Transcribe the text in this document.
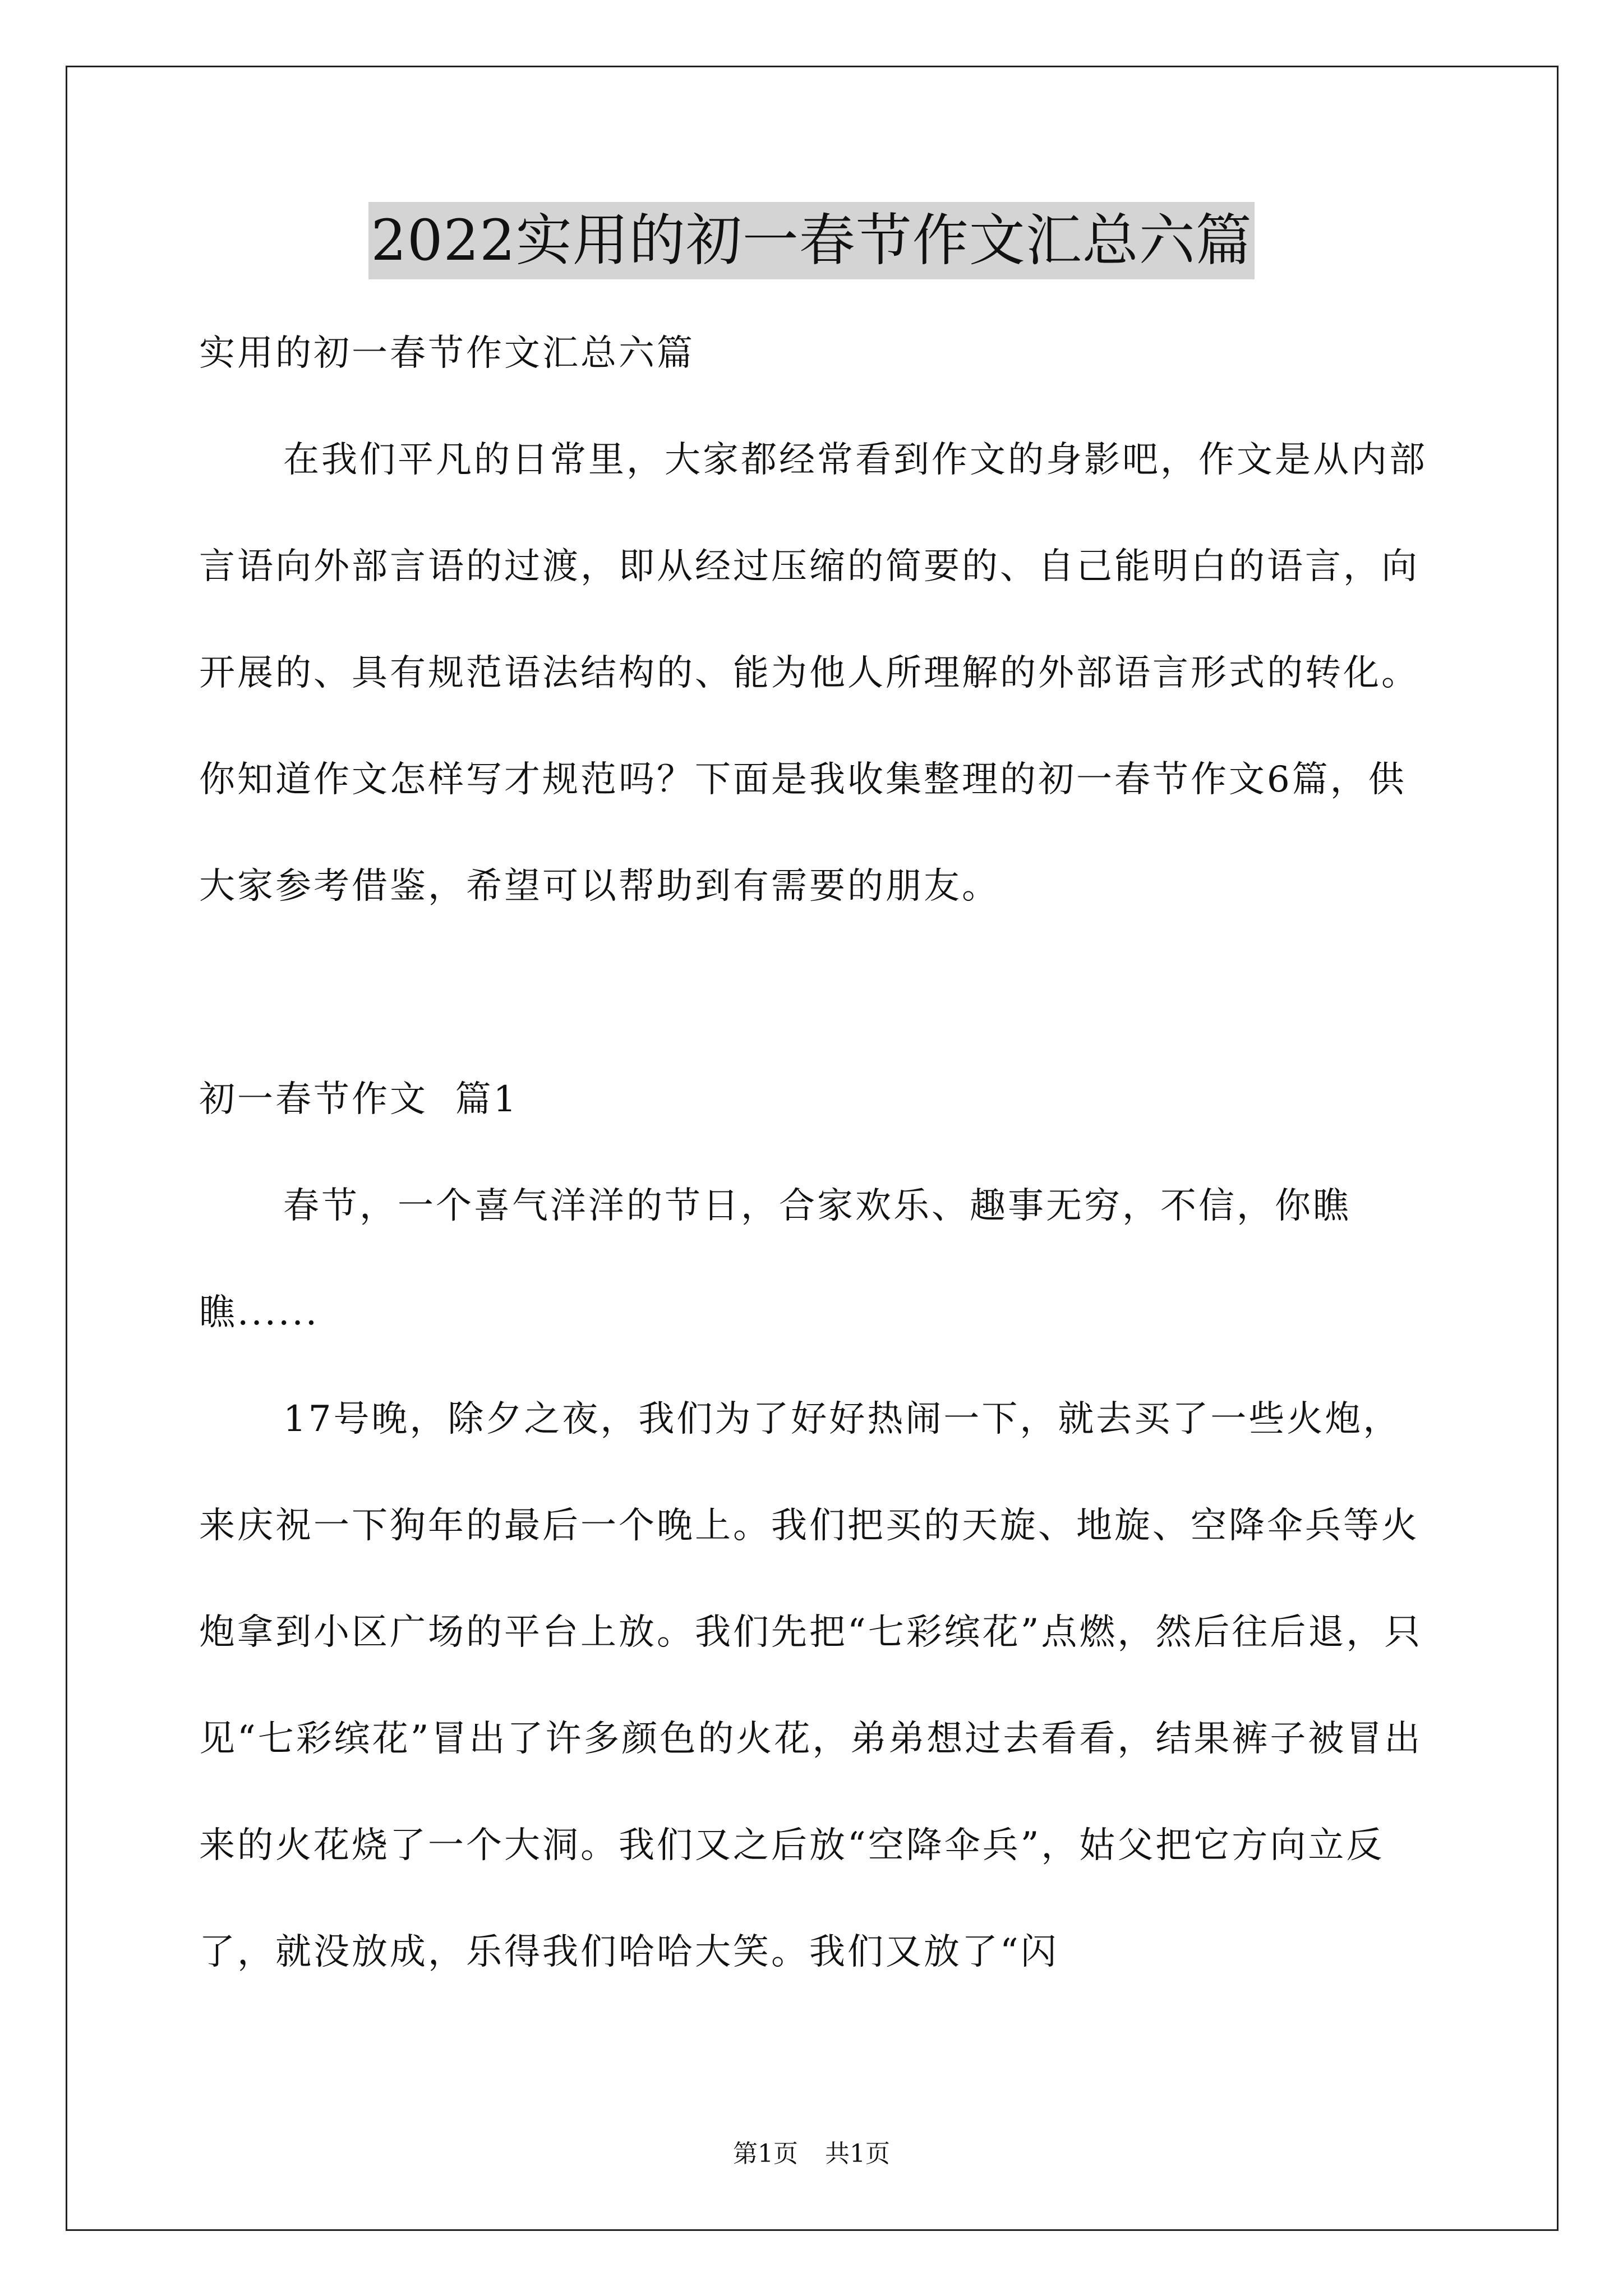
2022实用的初一春节作文汇总六篇

实用的初一春节作文汇总六篇

在我们平凡的日常里，大家都经常看到作文的身影吧，作文是从内部言语向外部言语的过渡，即从经过压缩的简要的、自己能明白的语言，向开展的、具有规范语法结构的、能为他人所理解的外部语言形式的转化。你知道作文怎样写才规范吗？下面是我收集整理的初一春节作文6篇，供大家参考借鉴，希望可以帮助到有需要的朋友。

初一春节作文  篇1

春节，一个喜气洋洋的节日，合家欢乐、趣事无穷，不信，你瞧瞧......

17号晚，除夕之夜，我们为了好好热闹一下，就去买了一些火炮，来庆祝一下狗年的最后一个晚上。我们把买的天旋、地旋、空降伞兵等火炮拿到小区广场的平台上放。我们先把“七彩缤花”点燃，然后往后退，只见“七彩缤花”冒出了许多颜色的火花，弟弟想过去看看，结果裤子被冒出来的火花烧了一个大洞。我们又之后放“空降伞兵”，姑父把它方向立反了，就没放成，乐得我们哈哈大笑。我们又放了“闪

第1页 共1页
